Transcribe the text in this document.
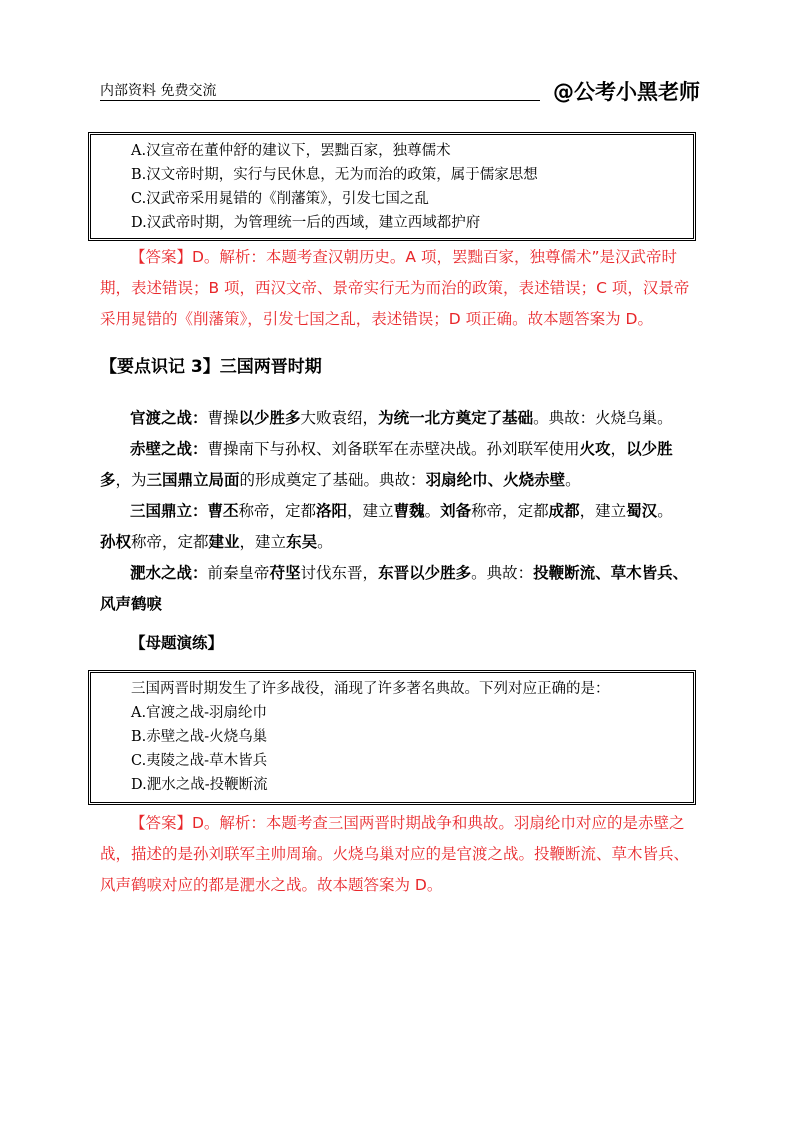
内部资料 免费交流	@公考小黑老师
A.汉宣帝在董仲舒的建议下，罢黜百家，独尊儒术
B.汉文帝时期，实行与民休息，无为而治的政策，属于儒家思想
C.汉武帝采用晁错的《削藩策》，引发七国之乱
D.汉武帝时期，为管理统一后的西域，建立西域都护府

【答案】D。解析：本题考查汉朝历史。A 项，罢黜百家，独尊儒术”是汉武帝时

期，表述错误；B 项，西汉文帝、景帝实行无为而治的政策，表述错误；C 项，汉景帝

采用晁错的《削藩策》，引发七国之乱，表述错误；D 项正确。故本题答案为 D。

【要点识记 3】三国两晋时期

官渡之战：曹操以少胜多大败袁绍，为统一北方奠定了基础。典故：火烧乌巢。

赤壁之战：曹操南下与孙权、刘备联军在赤壁决战。孙刘联军使用火攻，以少胜

多，为三国鼎立局面的形成奠定了基础。典故：羽扇纶巾、火烧赤壁。

三国鼎立：曹丕称帝，定都洛阳，建立曹魏。刘备称帝，定都成都，建立蜀汉。

孙权称帝，定都建业，建立东吴。

淝水之战：前秦皇帝苻坚讨伐东晋，东晋以少胜多。典故：投鞭断流、草木皆兵、

风声鹤唳

【母题演练】
三国两晋时期发生了许多战役，涌现了许多著名典故。下列对应正确的是：
A.官渡之战-羽扇纶巾
B.赤壁之战-火烧乌巢
C.夷陵之战-草木皆兵
D.淝水之战-投鞭断流

【答案】D。解析：本题考查三国两晋时期战争和典故。羽扇纶巾对应的是赤壁之

战，描述的是孙刘联军主帅周瑜。火烧乌巢对应的是官渡之战。投鞭断流、草木皆兵、

风声鹤唳对应的都是淝水之战。故本题答案为 D。
